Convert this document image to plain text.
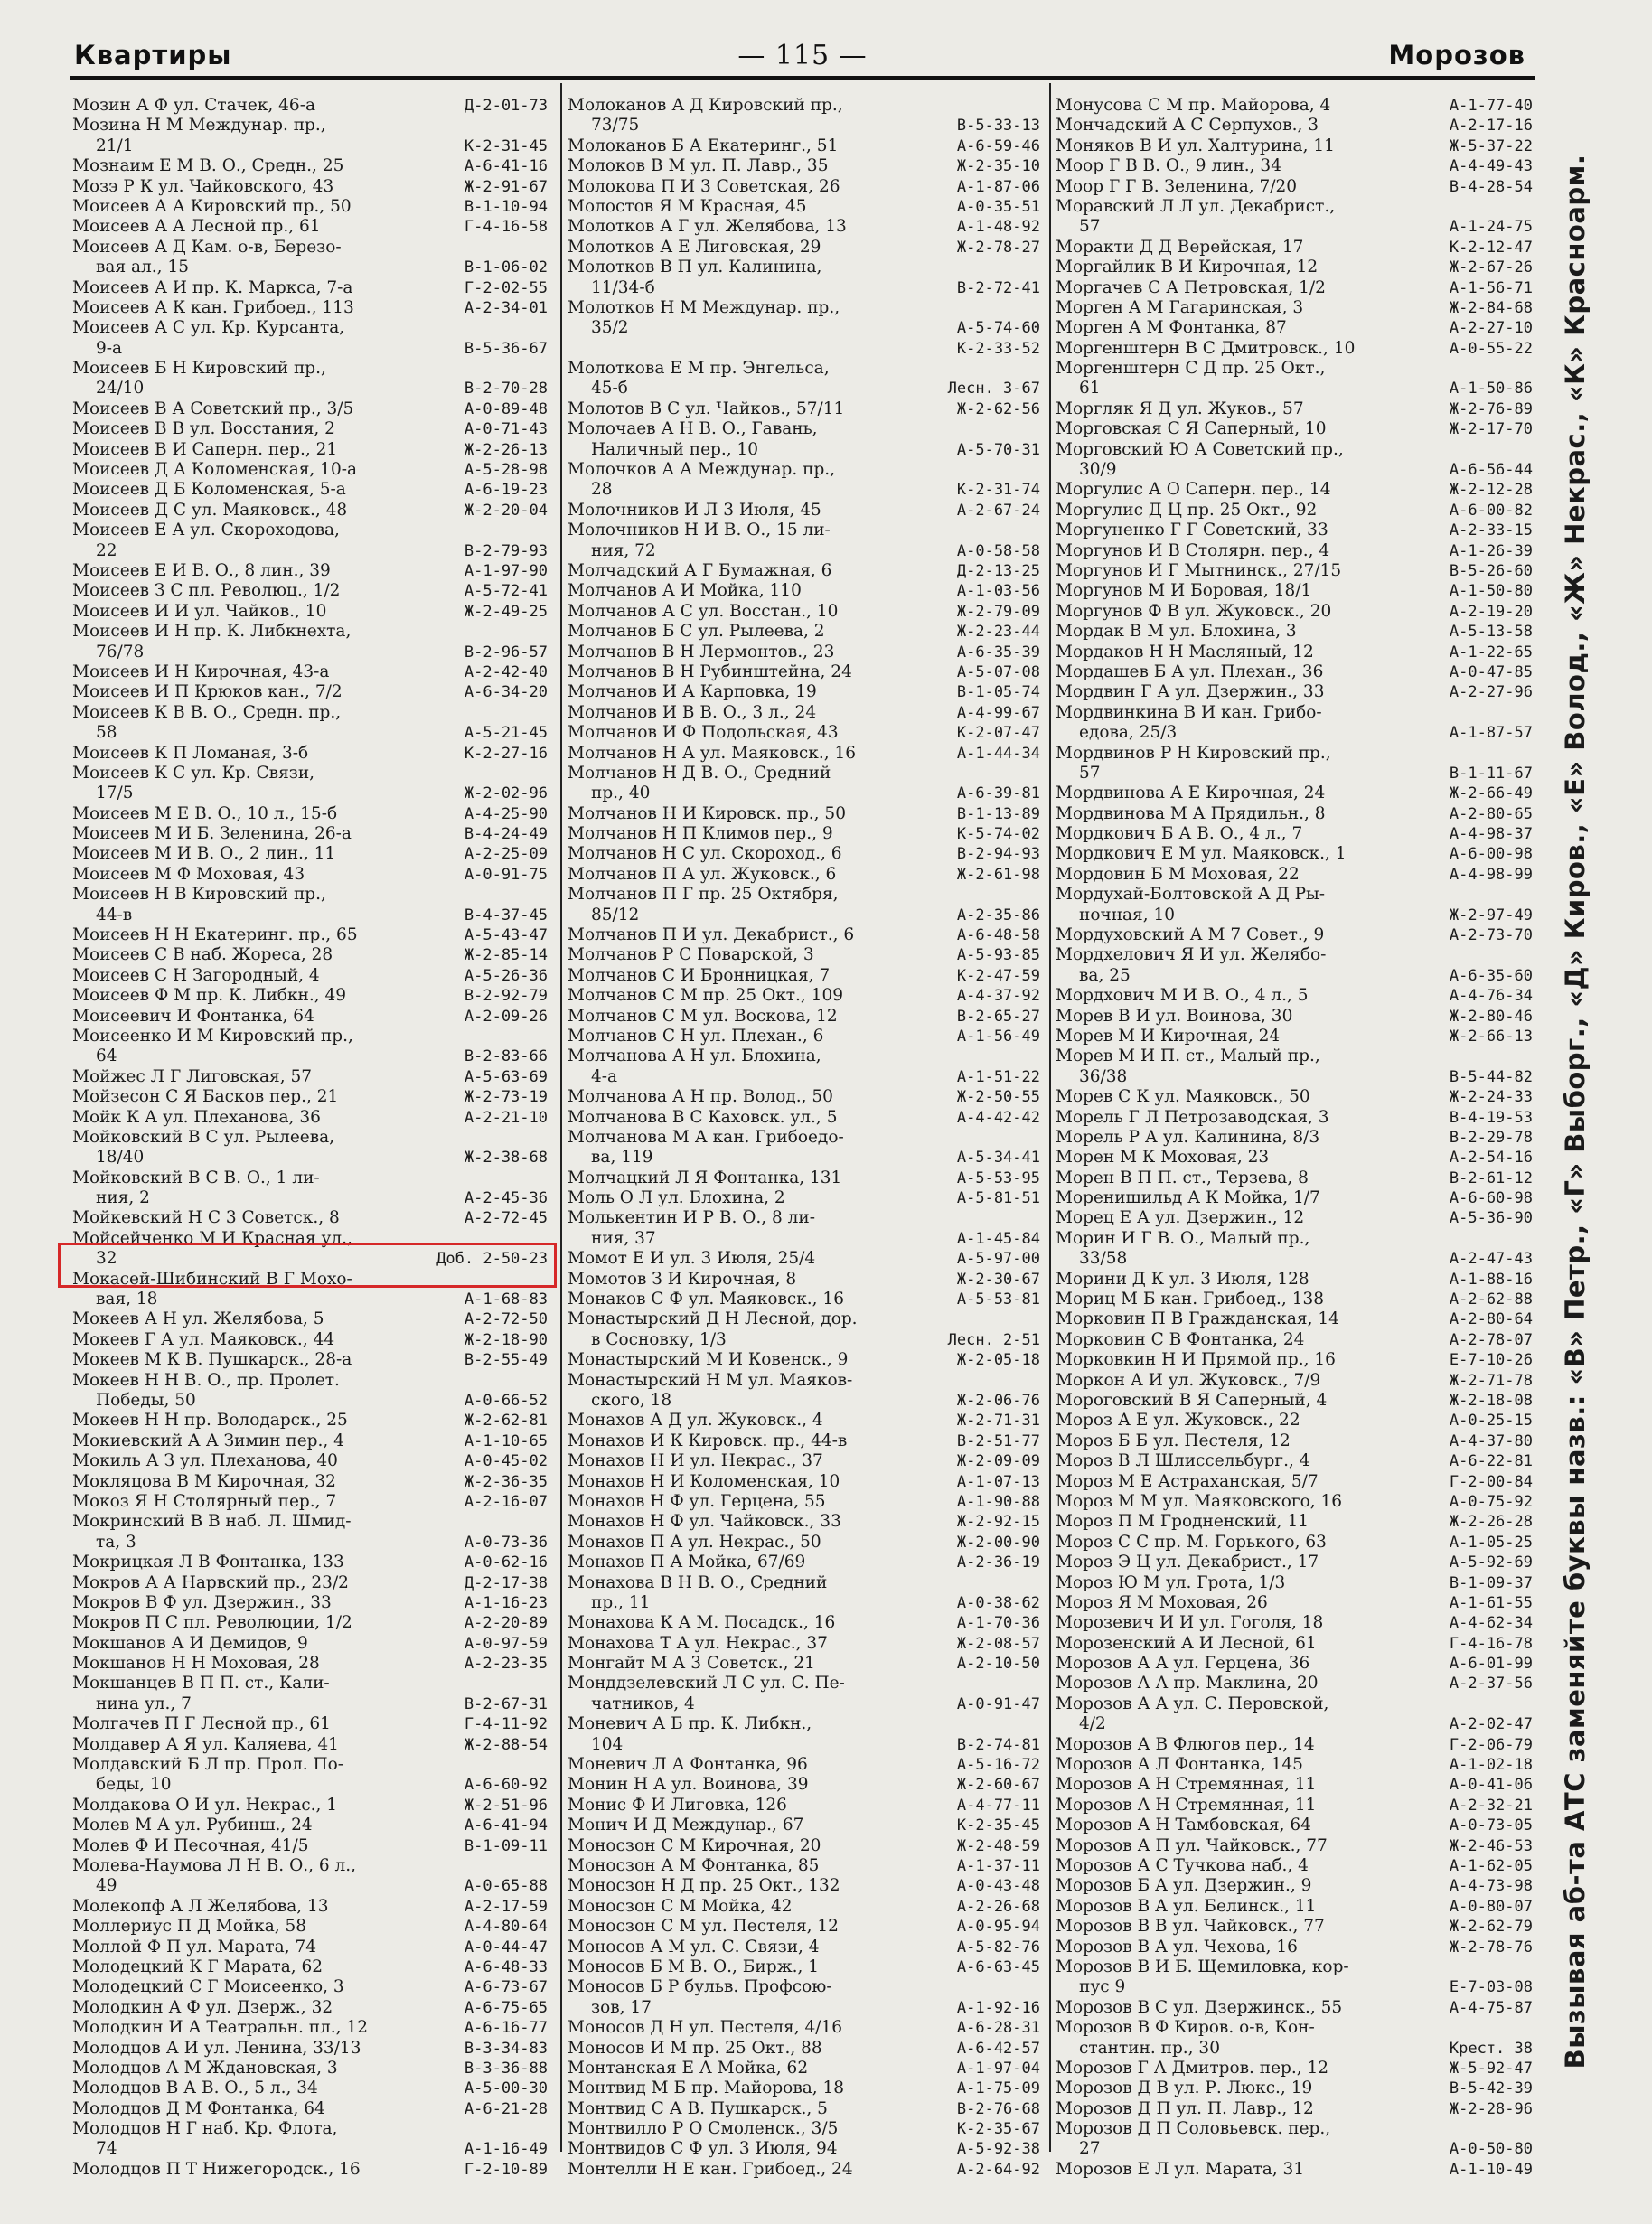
Квартиры	— 115 —	Морозов
Мозин А Ф ул. Стачек, 46-а	Д-2-01-73
Мозина Н М Междунар. пр.,
21/1	К-2-31-45
Мознаим Е М В. О., Средн., 25	А-6-41-16
Мозэ Р К ул. Чайковского, 43	Ж-2-91-67
Моисеев А А Кировский пр., 50	В-1-10-94
Моисеев А А Лесной пр., 61	Г-4-16-58
Моисеев А Д Кам. о-в, Березо-
вая ал., 15	В-1-06-02
Моисеев А И пр. К. Маркса, 7-а	Г-2-02-55
Моисеев А К кан. Грибоед., 113	А-2-34-01
Моисеев А С ул. Кр. Курсанта,
9-а	В-5-36-67
Моисеев Б Н Кировский пр.,
24/10	В-2-70-28
Моисеев В А Советский пр., 3/5	А-0-89-48
Моисеев В В ул. Восстания, 2	А-0-71-43
Моисеев В И Саперн. пер., 21	Ж-2-26-13
Моисеев Д А Коломенская, 10-а	А-5-28-98
Моисеев Д Б Коломенская, 5-а	А-6-19-23
Моисеев Д С ул. Маяковск., 48	Ж-2-20-04
Моисеев Е А ул. Скороходова,
22	В-2-79-93
Моисеев Е И В. О., 8 лин., 39	А-1-97-90
Моисеев З С пл. Революц., 1/2	А-5-72-41
Моисеев И И ул. Чайков., 10	Ж-2-49-25
Моисеев И Н пр. К. Либкнехта,
76/78	В-2-96-57
Моисеев И Н Кирочная, 43-а	А-2-42-40
Моисеев И П Крюков кан., 7/2	А-6-34-20
Моисеев К В В. О., Средн. пр.,
58	А-5-21-45
Моисеев К П Ломаная, 3-б	К-2-27-16
Моисеев К С ул. Кр. Связи,
17/5	Ж-2-02-96
Моисеев М Е В. О., 10 л., 15-б	А-4-25-90
Моисеев М И Б. Зеленина, 26-а	В-4-24-49
Моисеев М И В. О., 2 лин., 11	А-2-25-09
Моисеев М Ф Моховая, 43	А-0-91-75
Моисеев Н В Кировский пр.,
44-в	В-4-37-45
Моисеев Н Н Екатеринг. пр., 65	А-5-43-47
Моисеев С В наб. Жореса, 28	Ж-2-85-14
Моисеев С Н Загородный, 4	А-5-26-36
Моисеев Ф М пр. К. Либкн., 49	В-2-92-79
Моисеевич И Фонтанка, 64	А-2-09-26
Моисеенко И М Кировский пр.,
64	В-2-83-66
Мойжес Л Г Лиговская, 57	А-5-63-69
Мойзесон С Я Басков пер., 21	Ж-2-73-19
Мойк К А ул. Плеханова, 36	А-2-21-10
Мойковский В С ул. Рылеева,
18/40	Ж-2-38-68
Мойковский В С В. О., 1 ли-
ния, 2	А-2-45-36
Мойкевский Н С 3 Советск., 8	А-2-72-45
Мойсейченко М И Красная ул.,
32	Доб. 2-50-23
Мокасей-Шибинский В Г Мохо-
вая, 18	А-1-68-83
Мокеев А Н ул. Желябова, 5	А-2-72-50
Мокеев Г А ул. Маяковск., 44	Ж-2-18-90
Мокеев М К В. Пушкарск., 28-а	В-2-55-49
Мокеев Н Н В. О., пр. Пролет.
Победы, 50	А-0-66-52
Мокеев Н Н пр. Володарск., 25	Ж-2-62-81
Мокиевский А А Зимин пер., 4	А-1-10-65
Мокиль А З ул. Плеханова, 40	А-0-45-02
Мокляцова В М Кирочная, 32	Ж-2-36-35
Мокоз Я Н Столярный пер., 7	А-2-16-07
Мокринский В В наб. Л. Шмид-
та, 3	А-0-73-36
Мокрицкая Л В Фонтанка, 133	А-0-62-16
Мокров А А Нарвский пр., 23/2	Д-2-17-38
Мокров В Ф ул. Дзержин., 33	А-1-16-23
Мокров П С пл. Революции, 1/2	А-2-20-89
Мокшанов А И Демидов, 9	А-0-97-59
Мокшанов Н Н Моховая, 28	А-2-23-35
Мокшанцев В П П. ст., Кали-
нина ул., 7	В-2-67-31
Молгачев П Г Лесной пр., 61	Г-4-11-92
Молдавер А Я ул. Каляева, 41	Ж-2-88-54
Молдавский Б Л пр. Прол. По-
беды, 10	А-6-60-92
Молдакова О И ул. Некрас., 1	Ж-2-51-96
Молев М А ул. Рубинш., 24	А-6-41-94
Молев Ф И Песочная, 41/5	В-1-09-11
Молева-Наумова Л Н В. О., 6 л.,
49	А-0-65-88
Молекопф А Л Желябова, 13	А-2-17-59
Моллериус П Д Мойка, 58	А-4-80-64
Моллой Ф П ул. Марата, 74	А-0-44-47
Молодецкий К Г Марата, 62	А-6-48-33
Молодецкий С Г Моисеенко, 3	А-6-73-67
Молодкин А Ф ул. Дзерж., 32	А-6-75-65
Молодкин И А Театральн. пл., 12	А-6-16-77
Молодцов А И ул. Ленина, 33/13	В-3-34-83
Молодцов А М Ждановская, 3	В-3-36-88
Молодцов В А В. О., 5 л., 34	А-5-00-30
Молодцов Д М Фонтанка, 64	А-6-21-28
Молодцов Н Г наб. Кр. Флота,
74	А-1-16-49
Молодцов П Т Нижегородск., 16	Г-2-10-89
Молоканов А Д Кировский пр.,
73/75	В-5-33-13
Молоканов Б А Екатеринг., 51	А-6-59-46
Молоков В М ул. П. Лавр., 35	Ж-2-35-10
Молокова П И 3 Советская, 26	А-1-87-06
Молостов Я М Красная, 45	А-0-35-51
Молотков А Г ул. Желябова, 13	А-1-48-92
Молотков А Е Лиговская, 29	Ж-2-78-27
Молотков В П ул. Калинина,
11/34-б	В-2-72-41
Молотков Н М Междунар. пр.,
35/2	А-5-74-60
К-2-33-52
Молоткова Е М пр. Энгельса,
45-б	Лесн. 3-67
Молотов В С ул. Чайков., 57/11	Ж-2-62-56
Молочаев А Н В. О., Гавань,
Наличный пер., 10	А-5-70-31
Молочков А А Междунар. пр.,
28	К-2-31-74
Молочников И Л 3 Июля, 45	А-2-67-24
Молочников Н И В. О., 15 ли-
ния, 72	А-0-58-58
Молчадский А Г Бумажная, 6	Д-2-13-25
Молчанов А И Мойка, 110	А-1-03-56
Молчанов А С ул. Восстан., 10	Ж-2-79-09
Молчанов Б С ул. Рылеева, 2	Ж-2-23-44
Молчанов В Н Лермонтов., 23	А-6-35-39
Молчанов В Н Рубинштейна, 24	А-5-07-08
Молчанов И А Карповка, 19	В-1-05-74
Молчанов И В В. О., 3 л., 24	А-4-99-67
Молчанов И Ф Подольская, 43	К-2-07-47
Молчанов Н А ул. Маяковск., 16	А-1-44-34
Молчанов Н Д В. О., Средний
пр., 40	А-6-39-81
Молчанов Н И Кировск. пр., 50	В-1-13-89
Молчанов Н П Климов пер., 9	К-5-74-02
Молчанов Н С ул. Скороход., 6	В-2-94-93
Молчанов П А ул. Жуковск., 6	Ж-2-61-98
Молчанов П Г пр. 25 Октября,
85/12	А-2-35-86
Молчанов П И ул. Декабрист., 6	А-6-48-58
Молчанов Р С Поварской, 3	А-5-93-85
Молчанов С И Бронницкая, 7	К-2-47-59
Молчанов С М пр. 25 Окт., 109	А-4-37-92
Молчанов С М ул. Воскова, 12	В-2-65-27
Молчанов С Н ул. Плехан., 6	А-1-56-49
Молчанова А Н ул. Блохина,
4-а	А-1-51-22
Молчанова А Н пр. Волод., 50	Ж-2-50-55
Молчанова В С Каховск. ул., 5	А-4-42-42
Молчанова М А кан. Грибоедо-
ва, 119	А-5-34-41
Молчацкий Л Я Фонтанка, 131	А-5-53-95
Моль О Л ул. Блохина, 2	А-5-81-51
Молькентин И Р В. О., 8 ли-
ния, 37	А-1-45-84
Момот Е И ул. 3 Июля, 25/4	А-5-97-00
Момотов З И Кирочная, 8	Ж-2-30-67
Монаков С Ф ул. Маяковск., 16	А-5-53-81
Монастырский Д Н Лесной, дор.
в Сосновку, 1/3	Лесн. 2-51
Монастырский М И Ковенск., 9	Ж-2-05-18
Монастырский Н М ул. Маяков-
ского, 18	Ж-2-06-76
Монахов А Д ул. Жуковск., 4	Ж-2-71-31
Монахов И К Кировск. пр., 44-в	В-2-51-77
Монахов Н И ул. Некрас., 37	Ж-2-09-09
Монахов Н И Коломенская, 10	А-1-07-13
Монахов Н Ф ул. Герцена, 55	А-1-90-88
Монахов Н Ф ул. Чайковск., 33	Ж-2-92-15
Монахов П А ул. Некрас., 50	Ж-2-00-90
Монахов П А Мойка, 67/69	А-2-36-19
Монахова В Н В. О., Средний
пр., 11	А-0-38-62
Монахова К А М. Посадск., 16	А-1-70-36
Монахова Т А ул. Некрас., 37	Ж-2-08-57
Монгайт М А 3 Советск., 21	А-2-10-50
Монддзелевский Л С ул. С. Пе-
чатников, 4	А-0-91-47
Моневич А Б пр. К. Либкн.,
104	В-2-74-81
Моневич Л А Фонтанка, 96	А-5-16-72
Монин Н А ул. Воинова, 39	Ж-2-60-67
Монис Ф И Лиговка, 126	А-4-77-11
Монич И Д Междунар., 67	К-2-35-45
Моносзон С М Кирочная, 20	Ж-2-48-59
Моносзон А М Фонтанка, 85	А-1-37-11
Моносзон Н Д пр. 25 Окт., 132	А-0-43-48
Моносзон С М Мойка, 42	А-2-26-68
Моносзон С М ул. Пестеля, 12	А-0-95-94
Моносов А М ул. С. Связи, 4	А-5-82-76
Моносов Б М В. О., Бирж., 1	А-6-63-45
Моносов Б Р бульв. Профсою-
зов, 17	А-1-92-16
Моносов Д Н ул. Пестеля, 4/16	А-6-28-31
Моносов И М пр. 25 Окт., 88	А-6-42-57
Монтанская Е А Мойка, 62	А-1-97-04
Монтвид М Б пр. Майорова, 18	А-1-75-09
Монтвид С А В. Пушкарск., 5	В-2-76-68
Монтвилло Р О Смоленск., 3/5	К-2-35-67
Монтвидов С Ф ул. 3 Июля, 94	А-5-92-38
Монтелли Н Е кан. Грибоед., 24	А-2-64-92
Монусова С М пр. Майорова, 4	А-1-77-40
Мончадский А С Серпухов., 3	А-2-17-16
Моняков В И ул. Халтурина, 11	Ж-5-37-22
Моор Г В В. О., 9 лин., 34	А-4-49-43
Моор Г Г В. Зеленина, 7/20	В-4-28-54
Моравский Л Л ул. Декабрист.,
57	А-1-24-75
Моракти Д Д Верейская, 17	К-2-12-47
Моргайлик В И Кирочная, 12	Ж-2-67-26
Моргачев С А Петровская, 1/2	А-1-56-71
Морген А М Гагаринская, 3	Ж-2-84-68
Морген А М Фонтанка, 87	А-2-27-10
Моргенштерн В С Дмитровск., 10	А-0-55-22
Моргенштерн С Д пр. 25 Окт.,
61	А-1-50-86
Моргляк Я Д ул. Жуков., 57	Ж-2-76-89
Морговская С Я Саперный, 10	Ж-2-17-70
Морговский Ю А Советский пр.,
30/9	А-6-56-44
Моргулис А О Саперн. пер., 14	Ж-2-12-28
Моргулис Д Ц пр. 25 Окт., 92	А-6-00-82
Моргуненко Г Г Советский, 33	А-2-33-15
Моргунов И В Столярн. пер., 4	А-1-26-39
Моргунов И Г Мытнинск., 27/15	В-5-26-60
Моргунов М И Боровая, 18/1	А-1-50-80
Моргунов Ф В ул. Жуковск., 20	А-2-19-20
Мордак В М ул. Блохина, 3	А-5-13-58
Мордаков Н Н Масляный, 12	А-1-22-65
Мордашев Б А ул. Плехан., 36	А-0-47-85
Мордвин Г А ул. Дзержин., 33	А-2-27-96
Мордвинкина В И кан. Грибо-
едова, 25/3	А-1-87-57
Мордвинов Р Н Кировский пр.,
57	В-1-11-67
Мордвинова А Е Кирочная, 24	Ж-2-66-49
Мордвинова М А Прядильн., 8	А-2-80-65
Мордкович Б А В. О., 4 л., 7	А-4-98-37
Мордкович Е М ул. Маяковск., 1	А-6-00-98
Мордовин Б М Моховая, 22	А-4-98-99
Мордухай-Болтовской А Д Ры-
ночная, 10	Ж-2-97-49
Мордуховский А М 7 Совет., 9	А-2-73-70
Мордхелович Я И ул. Желябо-
ва, 25	А-6-35-60
Мордхович М И В. О., 4 л., 5	А-4-76-34
Морев В И ул. Воинова, 30	Ж-2-80-46
Морев М И Кирочная, 24	Ж-2-66-13
Морев М И П. ст., Малый пр.,
36/38	В-5-44-82
Морев С К ул. Маяковск., 50	Ж-2-24-33
Морель Г Л Петрозаводская, 3	В-4-19-53
Морель Р А ул. Калинина, 8/3	В-2-29-78
Морен М К Моховая, 23	А-2-54-16
Морен В П П. ст., Терзева, 8	В-2-61-12
Моренишильд А К Мойка, 1/7	А-6-60-98
Морец Е А ул. Дзержин., 12	А-5-36-90
Морин И Г В. О., Малый пр.,
33/58	А-2-47-43
Морини Д К ул. 3 Июля, 128	А-1-88-16
Мориц М Б кан. Грибоед., 138	А-2-62-88
Морковин П В Гражданская, 14	А-2-80-64
Морковин С В Фонтанка, 24	А-2-78-07
Морковкин Н И Прямой пр., 16	Е-7-10-26
Моркон А И ул. Жуковск., 7/9	Ж-2-71-78
Мороговский В Я Саперный, 4	Ж-2-18-08
Мороз А Е ул. Жуковск., 22	А-0-25-15
Мороз Б Б ул. Пестеля, 12	А-4-37-80
Мороз В Л Шлиссельбург., 4	А-6-22-81
Мороз М Е Астраханская, 5/7	Г-2-00-84
Мороз М М ул. Маяковского, 16	А-0-75-92
Мороз П М Гродненский, 11	Ж-2-26-28
Мороз С С пр. М. Горького, 63	А-1-05-25
Мороз Э Ц ул. Декабрист., 17	А-5-92-69
Мороз Ю М ул. Грота, 1/3	В-1-09-37
Мороз Я М Моховая, 26	А-1-61-55
Морозевич И И ул. Гоголя, 18	А-4-62-34
Морозенский А И Лесной, 61	Г-4-16-78
Морозов А А ул. Герцена, 36	А-6-01-99
Морозов А А пр. Маклина, 20	А-2-37-56
Морозов А А ул. С. Перовской,
4/2	А-2-02-47
Морозов А В Флюгов пер., 14	Г-2-06-79
Морозов А Л Фонтанка, 145	А-1-02-18
Морозов А Н Стремянная, 11	А-0-41-06
Морозов А Н Стремянная, 11	А-2-32-21
Морозов А Н Тамбовская, 64	А-0-73-05
Морозов А П ул. Чайковск., 77	Ж-2-46-53
Морозов А С Тучкова наб., 4	А-1-62-05
Морозов Б А ул. Дзержин., 9	А-4-73-98
Морозов В А ул. Белинск., 11	А-0-80-07
Морозов В В ул. Чайковск., 77	Ж-2-62-79
Морозов В А ул. Чехова, 16	Ж-2-78-76
Морозов В И Б. Щемиловка, кор-
пус 9	Е-7-03-08
Морозов В С ул. Дзержинск., 55	А-4-75-87
Морозов В Ф Киров. о-в, Кон-
стантин. пр., 30	Крест. 38
Морозов Г А Дмитров. пер., 12	Ж-5-92-47
Морозов Д В ул. Р. Люкс., 19	В-5-42-39
Морозов Д П ул. П. Лавр., 12	Ж-2-28-96
Морозов Д П Соловьевск. пер.,
27	А-0-50-80
Морозов Е Л ул. Марата, 31	А-1-10-49
Вызывая аб-та АТС заменяйте буквы назв.: «В» Петр., «Г» Выборг., «Д» Киров., «Е» Волод., «Ж» Некрас., «К» Красноарм.
